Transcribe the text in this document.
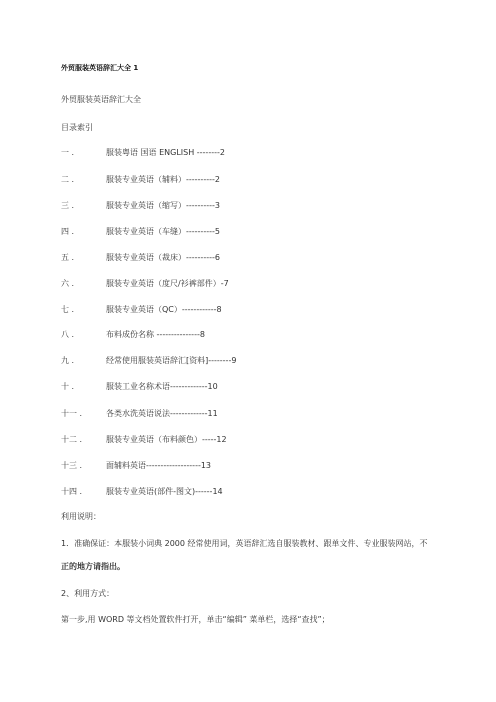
外贸服装英语辞汇大全 1
外贸服装英语辞汇大全
目录索引
一 .	服装粤语 国语 ENGLISH --------2
二 .	服装专业英语（辅料）----------2
三 .	服装专业英语（缩写）----------3
四 .	服装专业英语（车缝）----------5
五 .	服装专业英语（裁床）----------6
六 .	服装专业英语（度尺/衫裤部件）-7
七 .	服装专业英语（QC）------------8
八 .	布料成份名称 ---------------8
九 .	经常使用服装英语辞汇[资料]--------9
十 .	服装工业名称术语-------------10
十一 .	各类水洗英语说法-------------11
十二 .	服装专业英语（布料颜色）-----12
十三 .	面辅料英语-------------------13
十四 .	服装专业英语(部件-图文)------14
利用说明：
1．准确保证：本服装小词典 2000 经常使用词，英语辞汇选自服装教材、跟单文件、专业服装网站，不
正的地方请指出。
2、利用方式：
第一步,用 WORD 等文档处置软件打开，单击“编辑” 菜单栏，选择“查找”；
